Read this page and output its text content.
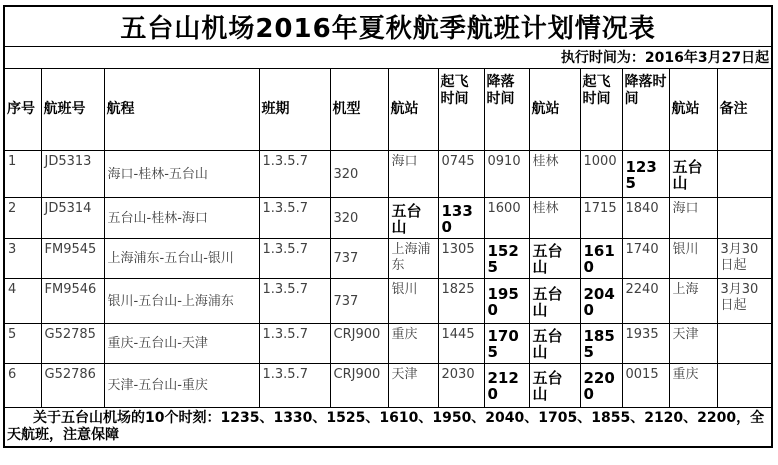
五台山机场2016年夏秋航季航班计划情况表												
执行时间为：2016年3月27日起												
序号	航班号	航程	班期	机型	航站	起飞时间	降落时间	航站	起飞时间	降落时间	航站	备注
1	JD5313	海口-桂林-五台山	1.3.5.7	320	海口	0745	0910	桂林	1000	1235	五台山	
2	JD5314	五台山-桂林-海口	1.3.5.7	320	五台山	1330	1600	桂林	1715	1840	海口	
3	FM9545	上海浦东-五台山-银川	1.3.5.7	737	上海浦东	1305	1525	五台山	1610	1740	银川	3月30日起
4	FM9546	银川-五台山-上海浦东	1.3.5.7	737	银川	1825	1950	五台山	2040	2240	上海	3月30日起
5	G52785	重庆-五台山-天津	1.3.5.7	CRJ900	重庆	1445	1705	五台山	1855	1935	天津	
6	G52786	天津-五台山-重庆	1.3.5.7	CRJ900	天津	2030	2120	五台山	2200	0015	重庆	

关于五台山机场的10个时刻：1235、1330、1525、1610、1950、2040、1705、1855、2120、2200，全天航班，注意保障												
